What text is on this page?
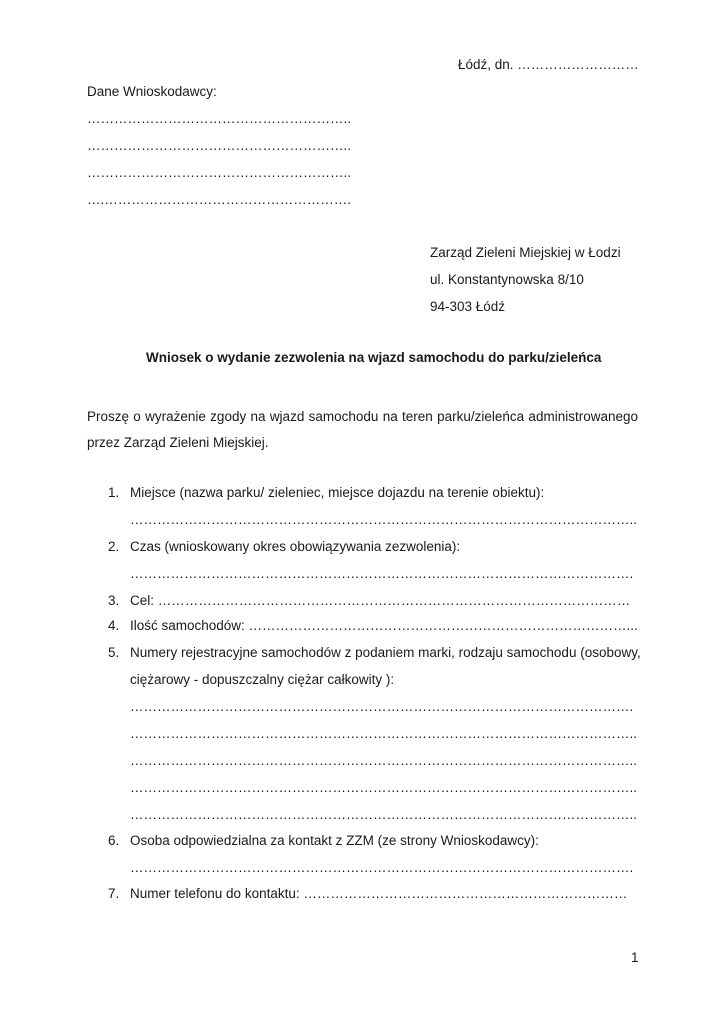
Łódź, dn. ………………………
Dane Wnioskodawcy:
…………………………………………………..
…………………………………………………..
…………………………………………………..
….……………………………………………….
Zarząd Zieleni Miejskiej w Łodzi
ul. Konstantynowska 8/10
94-303 Łódź
Wniosek o wydanie zezwolenia na wjazd samochodu do parku/zieleńca
Proszę o wyrażenie zgody na wjazd samochodu na teren parku/zieleńca administrowanego przez Zarząd Zieleni Miejskiej.
1. Miejsce (nazwa parku/ zieleniec, miejsce dojazdu na terenie obiektu):
…………………………………………………………………………………………………..
2. Czas (wnioskowany okres obowiązywania zezwolenia):
………………………………………………………………………………………………….
3. Cel: ……………………………………………………………………………………………
4. Ilość samochodów: …………………………………………………………………………...
5. Numery rejestracyjne samochodów z podaniem marki, rodzaju samochodu (osobowy,
ciężarowy - dopuszczalny ciężar całkowity ):
………………………………………………………………………………………………….
…………………………………………………………………………………………………..
…………………………………………………………………………………………………..
…………………………………………………………………………………………………..
…………………………………………………………………………………………………..
6. Osoba odpowiedzialna za kontakt z ZZM (ze strony Wnioskodawcy):
………………………………………………………………………………………………….
7. Numer telefonu do kontaktu: ………………………………………………………………
1
